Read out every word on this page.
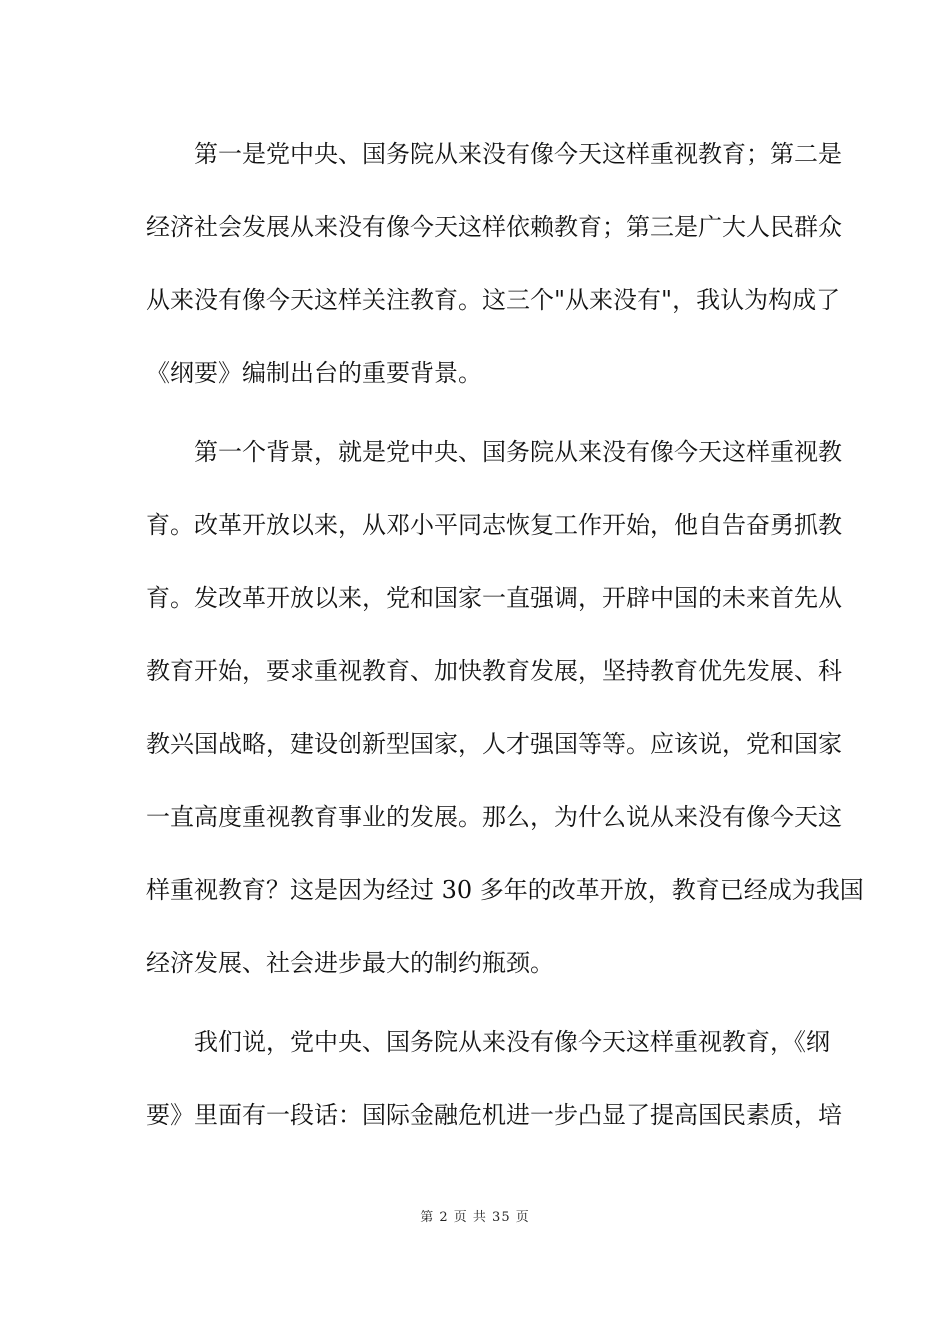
　　第一是党中央、国务院从来没有像今天这样重视教育；第二是
经济社会发展从来没有像今天这样依赖教育；第三是广大人民群众
从来没有像今天这样关注教育。这三个"从来没有"，我认为构成了
《纲要》编制出台的重要背景。
　　第一个背景，就是党中央、国务院从来没有像今天这样重视教
育。改革开放以来，从邓小平同志恢复工作开始，他自告奋勇抓教
育。发改革开放以来，党和国家一直强调，开辟中国的未来首先从
教育开始，要求重视教育、加快教育发展，坚持教育优先发展、科
教兴国战略，建设创新型国家，人才强国等等。应该说，党和国家
一直高度重视教育事业的发展。那么，为什么说从来没有像今天这
样重视教育？这是因为经过 30 多年的改革开放，教育已经成为我国
经济发展、社会进步最大的制约瓶颈。
　　我们说，党中央、国务院从来没有像今天这样重视教育，《纲
要》里面有一段话：国际金融危机进一步凸显了提高国民素质，培
第 2 页 共 35 页
